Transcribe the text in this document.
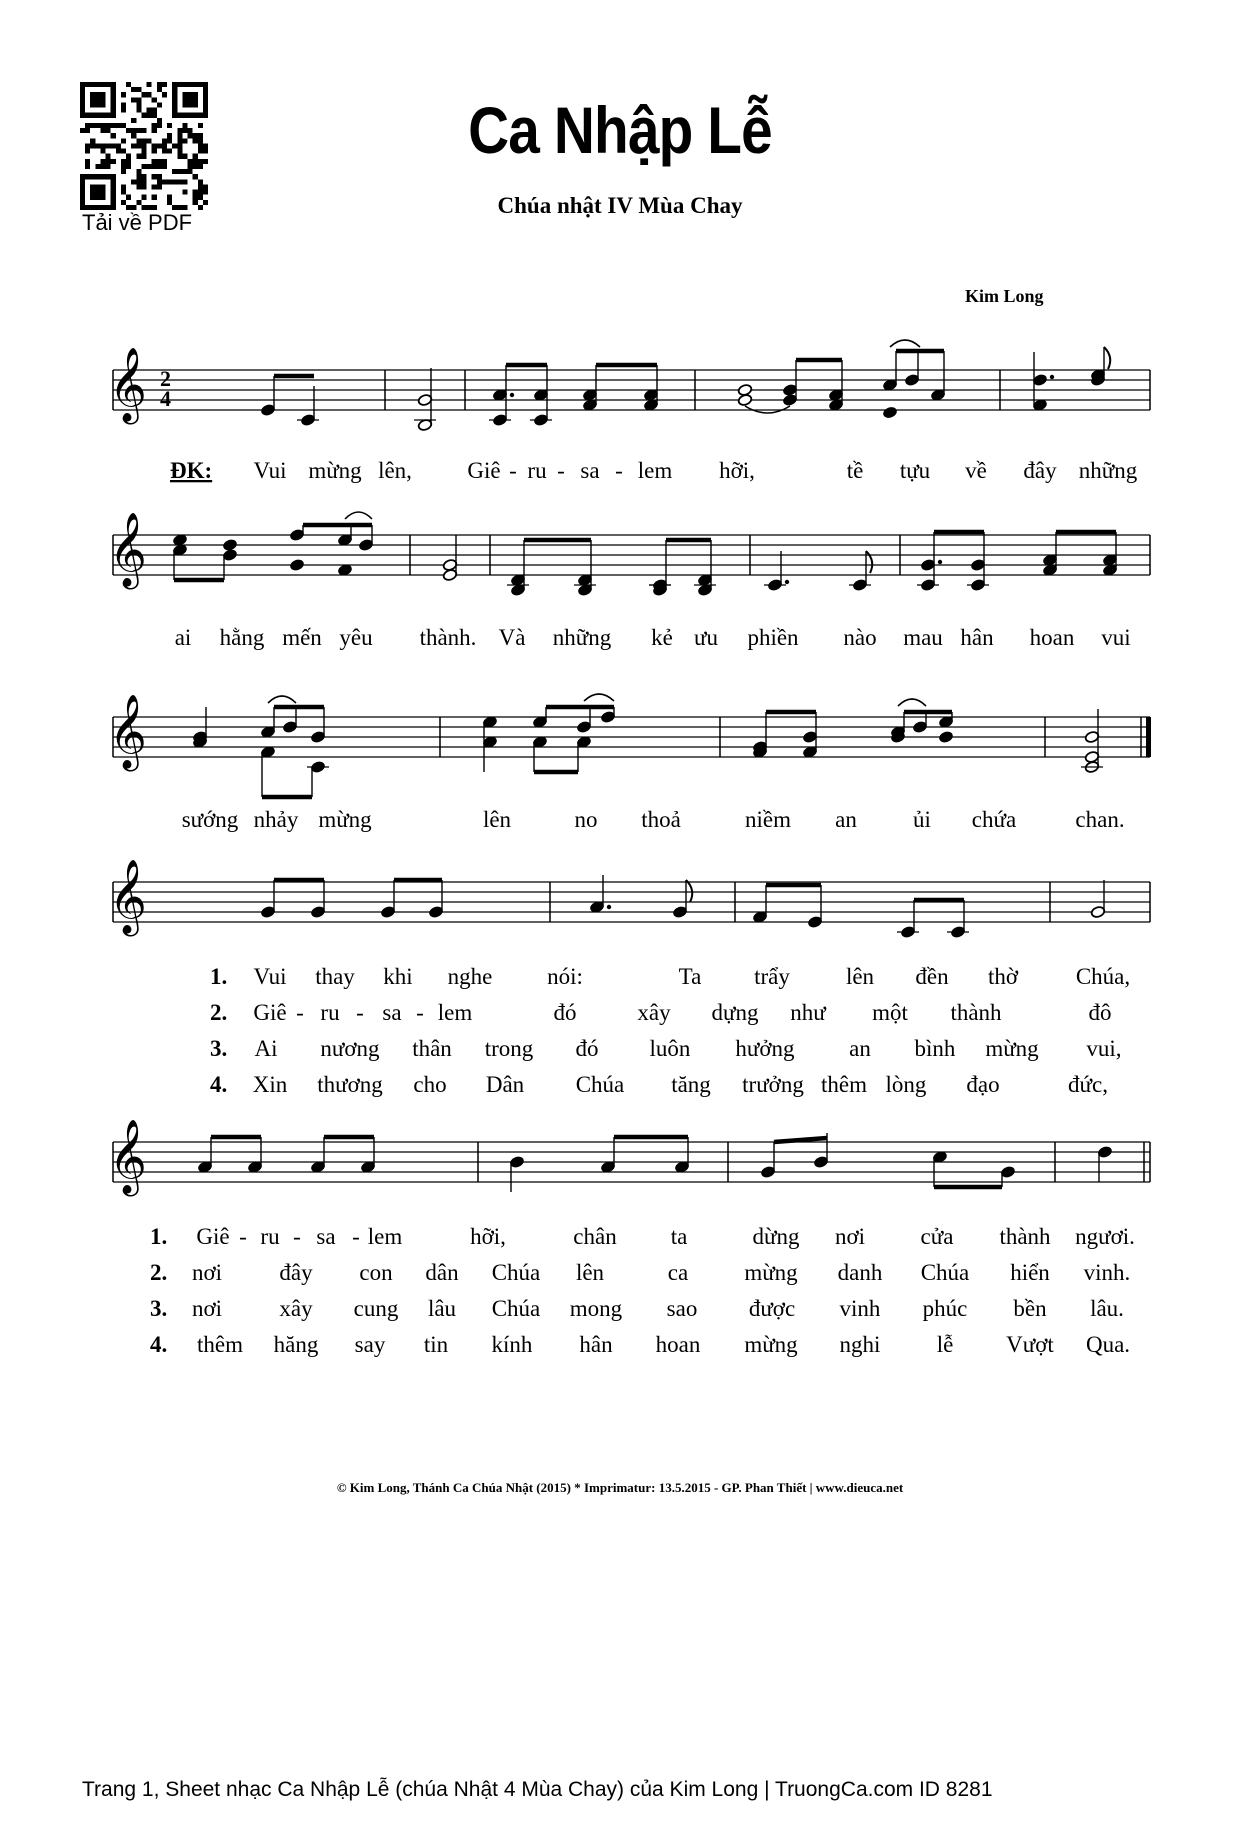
Tải về PDF
Ca Nhập Lễ
Chúa nhật IV Mùa Chay
Kim Long
𝄞
𝄞
𝄞
𝄞
𝄞
2
4
ĐK: Vui mừng lên, Giê - ru - sa - lem hỡi,	tề tựu về đây những
ai hằng mến yêu thành. Và những kẻ ưu phiền nào mau hân hoan vui
sướng nhảy mừng	lên	no thoả	niềm an ủi chứa	chan.
1. Vui thay khi nghe nói:	Ta trẩy lên đền thờ	Chúa,
2. Giê - ru - sa - lem	đó	xây dựng như một thành	đô
3. Ai nương thân trong đó luôn hưởng an bình mừng vui,
4. Xin thương cho Dân Chúa tăng trưởng thêm lòng đạo	đức,
1. Giê - ru - sa - lem	hỡi,	chân ta	dừng nơi cửa thành ngươi.
2. nơi đây con dân Chúa lên	ca mừng danh Chúa hiển vinh.
3. nơi xây cung lâu Chúa mong sao được vinh phúc bền lâu.
4. thêm hăng say tin kính hân hoan mừng nghi lễ Vượt Qua.
© Kim Long, Thánh Ca Chúa Nhật (2015) * Imprimatur: 13.5.2015 - GP. Phan Thiết | www.dieuca.net
Trang 1, Sheet nhạc Ca Nhập Lễ (chúa Nhật 4 Mùa Chay) của Kim Long | TruongCa.com ID 8281
